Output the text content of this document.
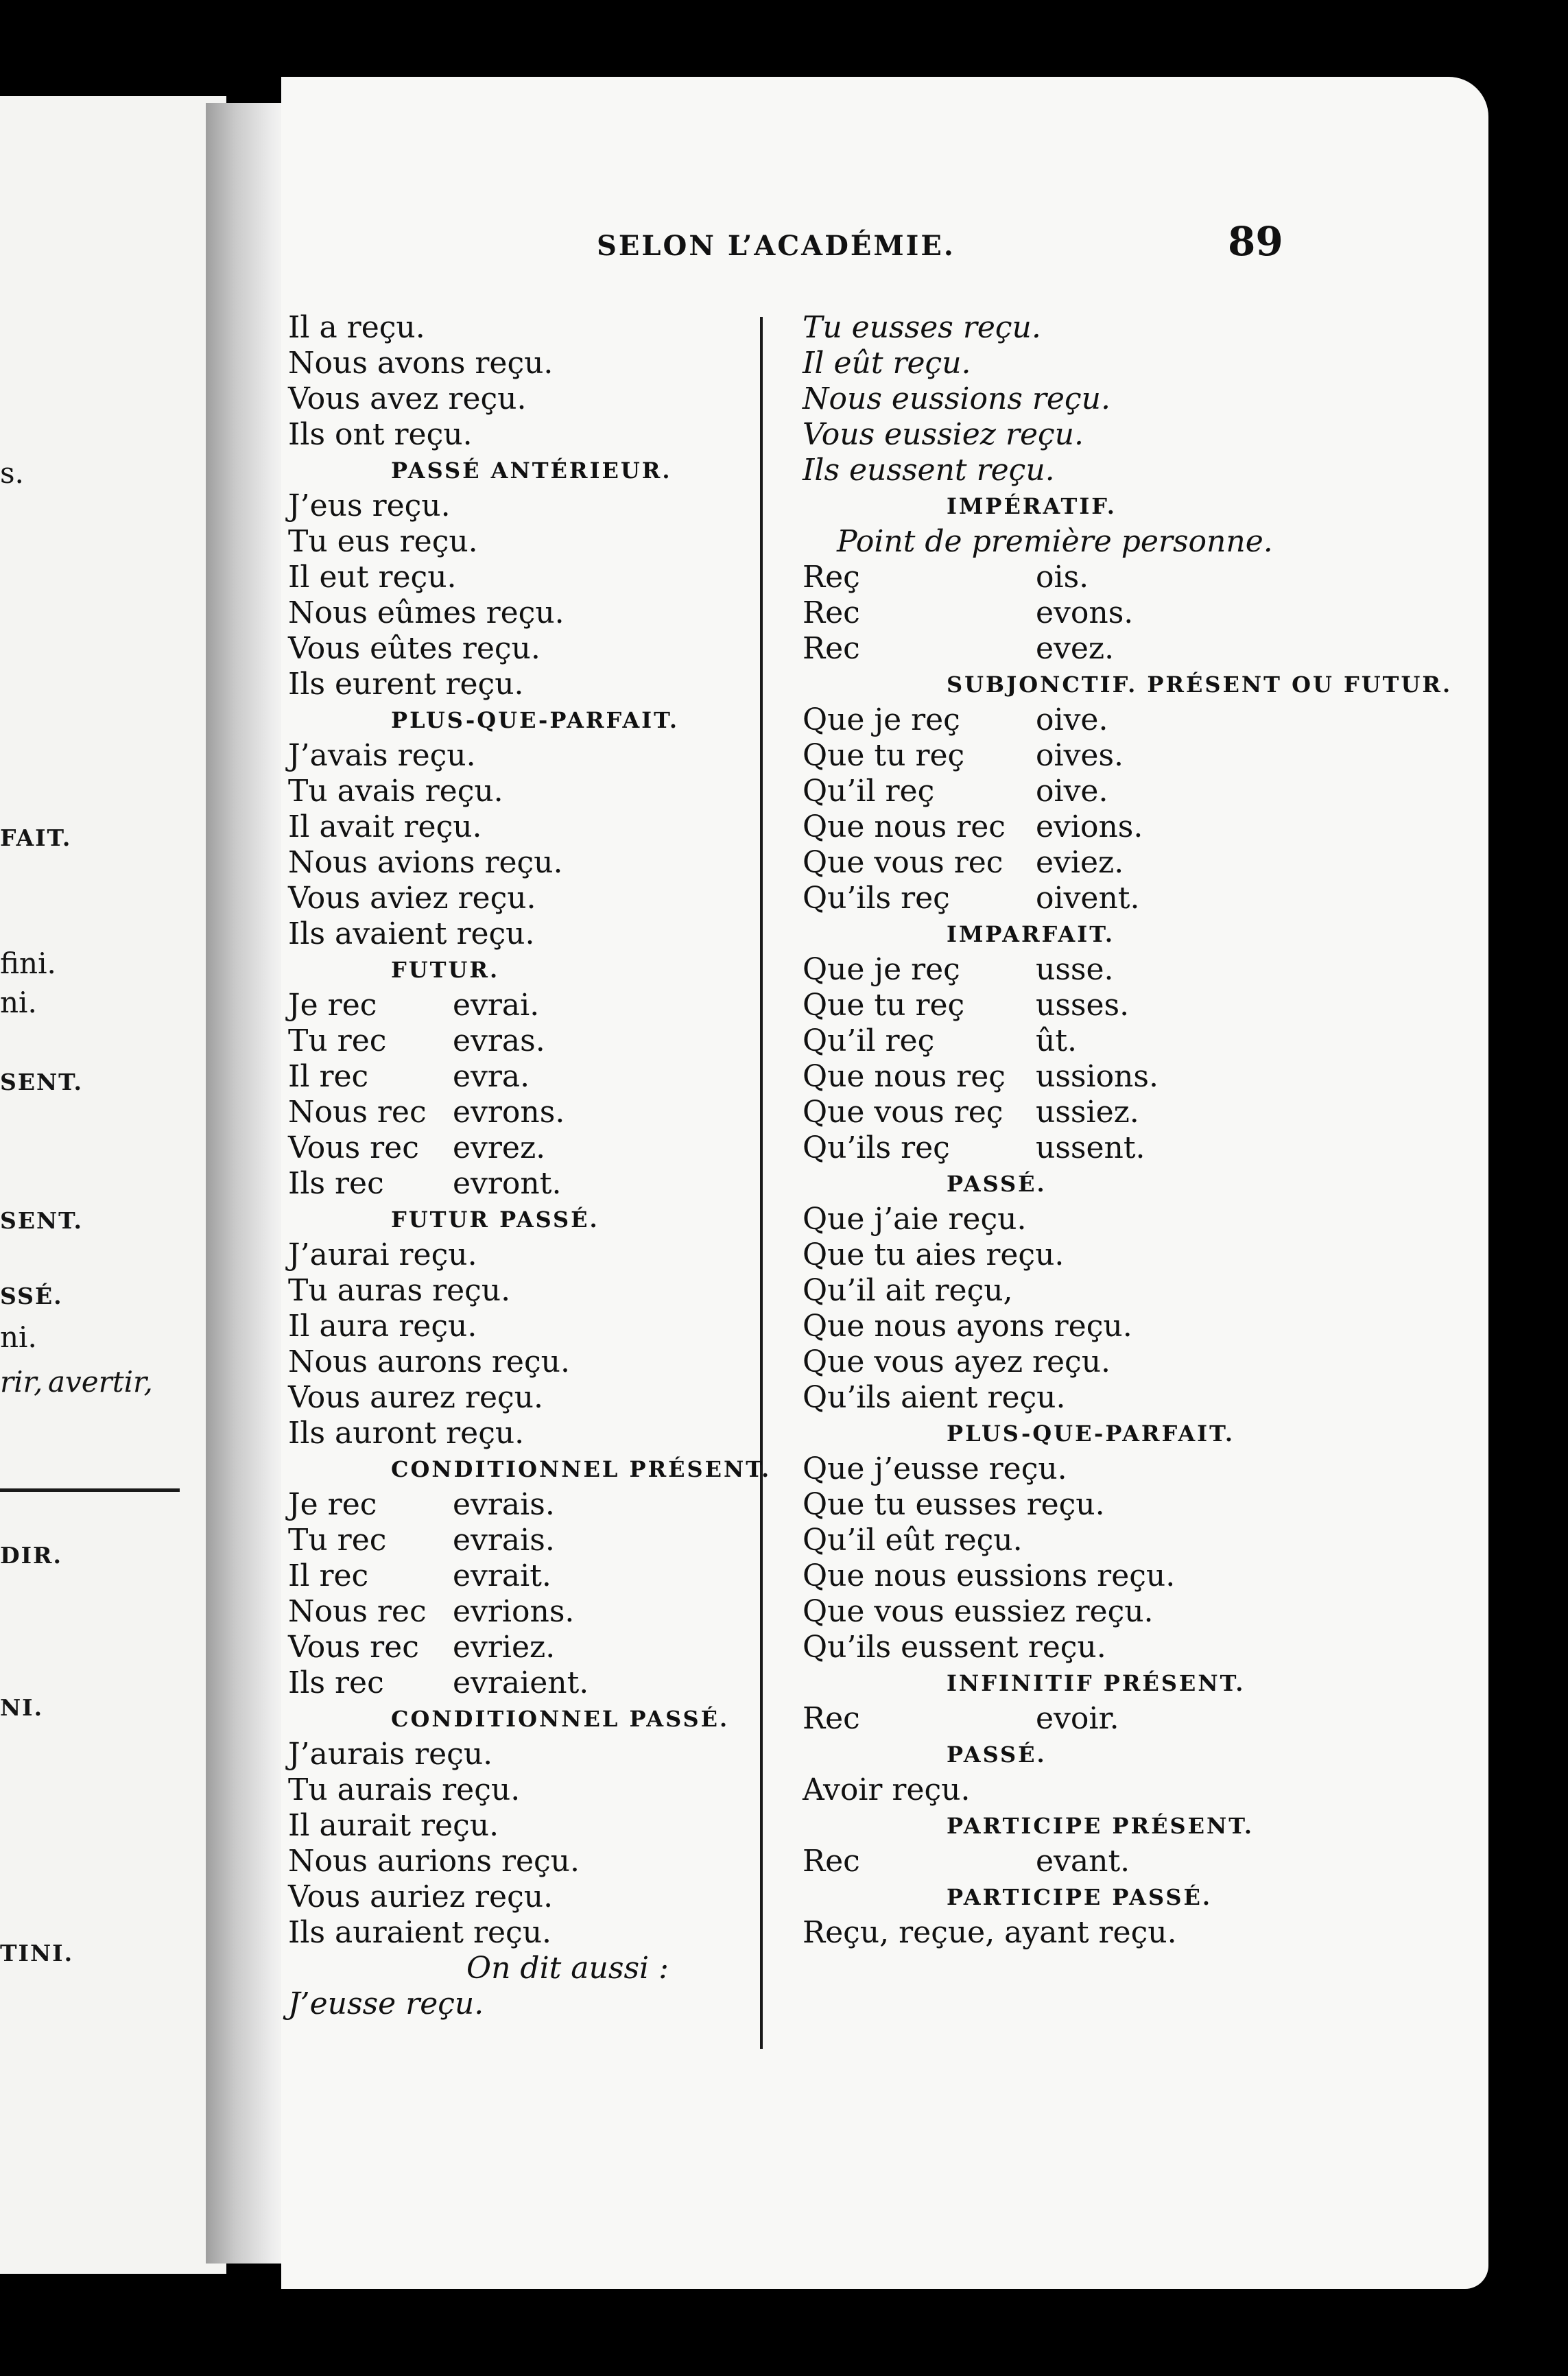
s.
FAIT.
fini.
ni.
SENT.
SENT.
SSÉ.
ni.
rir, avertir,
DIR.
NI.
TINI.
SELON L’ACADÉMIE.	89
Il a reçu.
Nous avons reçu.
Vous avez reçu.
Ils ont reçu.
PASSÉ ANTÉRIEUR.
J’eus reçu.
Tu eus reçu.
Il eut reçu.
Nous eûmes reçu.
Vous eûtes reçu.
Ils eurent reçu.
PLUS-QUE-PARFAIT.
J’avais reçu.
Tu avais reçu.
Il avait reçu.
Nous avions reçu.
Vous aviez reçu.
Ils avaient reçu.
FUTUR.
Je rec	evrai.
Tu rec evras.
Il rec	evra.
Nous rec evrons.
Vous rec evrez.
Ils rec evront.
FUTUR PASSÉ.
J’aurai reçu.
Tu auras reçu.
Il aura reçu.
Nous aurons reçu.
Vous aurez reçu.
Ils auront reçu.
CONDITIONNEL PRÉSENT.
Je rec	evrais.
Tu rec evrais.
Il rec	evrait.
Nous rec evrions.
Vous rec evriez.
Ils rec evraient.
CONDITIONNEL PASSÉ.
J’aurais reçu.
Tu aurais reçu.
Il aurait reçu.
Nous aurions reçu.
Vous auriez reçu.
Ils auraient reçu.
On dit aussi :
J’eusse reçu.
Tu eusses reçu.
Il eût reçu.
Nous eussions reçu.
Vous eussiez reçu.
Ils eussent reçu.
IMPÉRATIF.
Point de première personne.
Reç	ois.
Rec	evons.
Rec	evez.
SUBJONCTIF. PRÉSENT OU FUTUR.
Que je reç	oive.
Que tu reç oives.
Qu’il reç	oive.
Que nous rec evions.
Que vous rec eviez.
Qu’ils reç	oivent.
IMPARFAIT.
Que je reç	usse.
Que tu reç usses.
Qu’il reç	ût.
Que nous reç ussions.
Que vous reç ussiez.
Qu’ils reç	ussent.
PASSÉ.
Que j’aie reçu.
Que tu aies reçu.
Qu’il ait reçu,
Que nous ayons reçu.
Que vous ayez reçu.
Qu’ils aient reçu.
PLUS-QUE-PARFAIT.
Que j’eusse reçu.
Que tu eusses reçu.
Qu’il eût reçu.
Que nous eussions reçu.
Que vous eussiez reçu.
Qu’ils eussent reçu.
INFINITIF PRÉSENT.
Rec	evoir.
PASSÉ.
Avoir reçu.
PARTICIPE PRÉSENT.
Rec	evant.
PARTICIPE PASSÉ.
Reçu, reçue, ayant reçu.
